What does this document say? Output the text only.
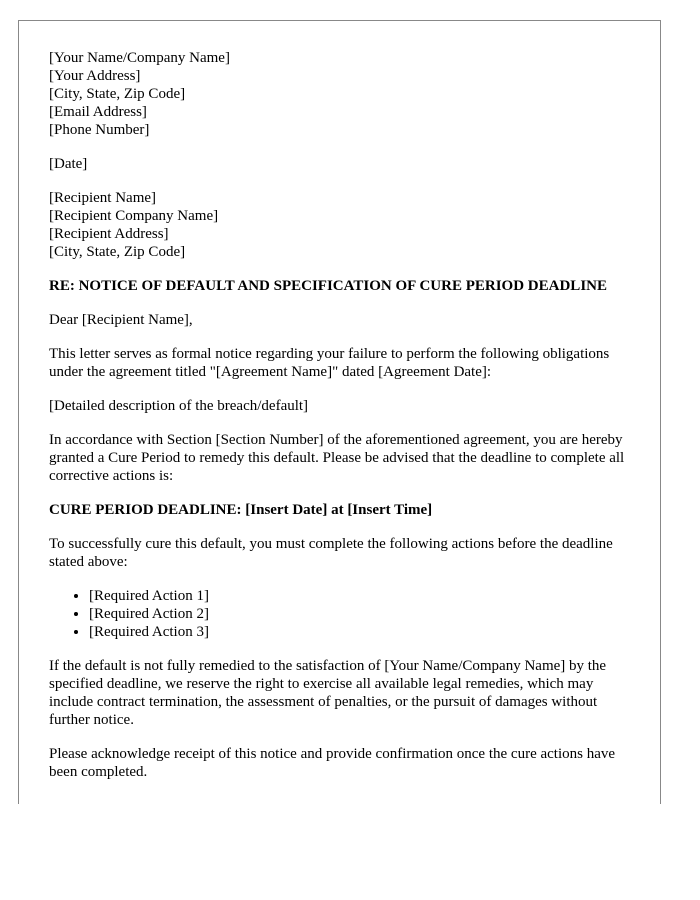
[Your Name/Company Name]
[Your Address]
[City, State, Zip Code]
[Email Address]
[Phone Number]
[Date]
[Recipient Name]
[Recipient Company Name]
[Recipient Address]
[City, State, Zip Code]
RE: NOTICE OF DEFAULT AND SPECIFICATION OF CURE PERIOD DEADLINE

Dear [Recipient Name],

This letter serves as formal notice regarding your failure to perform the following obligations under the agreement titled "[Agreement Name]" dated [Agreement Date]:

[Detailed description of the breach/default]

In accordance with Section [Section Number] of the aforementioned agreement, you are hereby granted a Cure Period to remedy this default. Please be advised that the deadline to complete all corrective actions is:

CURE PERIOD DEADLINE: [Insert Date] at [Insert Time]

To successfully cure this default, you must complete the following actions before the deadline stated above:

• [Required Action 1]
• [Required Action 2]
• [Required Action 3]

If the default is not fully remedied to the satisfaction of [Your Name/Company Name] by the specified deadline, we reserve the right to exercise all available legal remedies, which may include contract termination, the assessment of penalties, or the pursuit of damages without further notice.

Please acknowledge receipt of this notice and provide confirmation once the cure actions have been completed.
